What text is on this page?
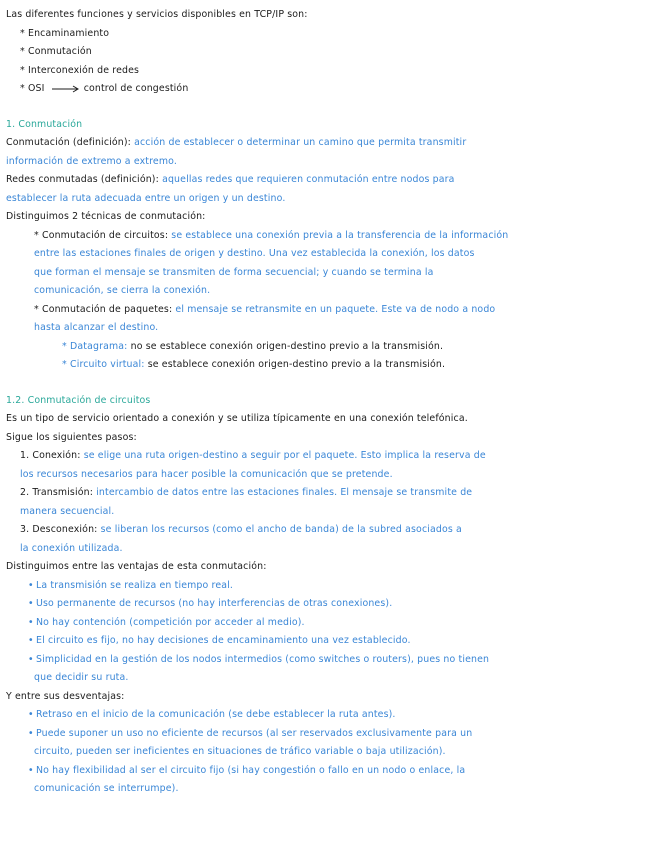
Las diferentes funciones y servicios disponibles en TCP/IP son:
* Encaminamiento
* Conmutación
* Interconexión de redes
* OSI	control de congestión
1. Conmutación
Conmutación (definición): acción de establecer o determinar un camino que permita transmitir
información de extremo a extremo.
Redes conmutadas (definición): aquellas redes que requieren conmutación entre nodos para
establecer la ruta adecuada entre un origen y un destino.
Distinguimos 2 técnicas de conmutación:
* Conmutación de circuitos: se establece una conexión previa a la transferencia de la información
entre las estaciones finales de origen y destino. Una vez establecida la conexión, los datos
que forman el mensaje se transmiten de forma secuencial; y cuando se termina la
comunicación, se cierra la conexión.
* Conmutación de paquetes: el mensaje se retransmite en un paquete. Este va de nodo a nodo
hasta alcanzar el destino.
* Datagrama: no se establece conexión origen-destino previo a la transmisión.
* Circuito virtual: se establece conexión origen-destino previo a la transmisión.
1.2. Conmutación de circuitos
Es un tipo de servicio orientado a conexión y se utiliza típicamente en una conexión telefónica.
Sigue los siguientes pasos:
1. Conexión: se elige una ruta origen-destino a seguir por el paquete. Esto implica la reserva de
los recursos necesarios para hacer posible la comunicación que se pretende.
2. Transmisión: intercambio de datos entre las estaciones finales. El mensaje se transmite de
manera secuencial.
3. Desconexión: se liberan los recursos (como el ancho de banda) de la subred asociados a
la conexión utilizada.
Distinguimos entre las ventajas de esta conmutación:
• La transmisión se realiza en tiempo real.
• Uso permanente de recursos (no hay interferencias de otras conexiones).
• No hay contención (competición por acceder al medio).
• El circuito es fijo, no hay decisiones de encaminamiento una vez establecido.
• Simplicidad en la gestión de los nodos intermedios (como switches o routers), pues no tienen
que decidir su ruta.
Y entre sus desventajas:
• Retraso en el inicio de la comunicación (se debe establecer la ruta antes).
• Puede suponer un uso no eficiente de recursos (al ser reservados exclusivamente para un
circuito, pueden ser ineficientes en situaciones de tráfico variable o baja utilización).
• No hay flexibilidad al ser el circuito fijo (si hay congestión o fallo en un nodo o enlace, la
comunicación se interrumpe).
